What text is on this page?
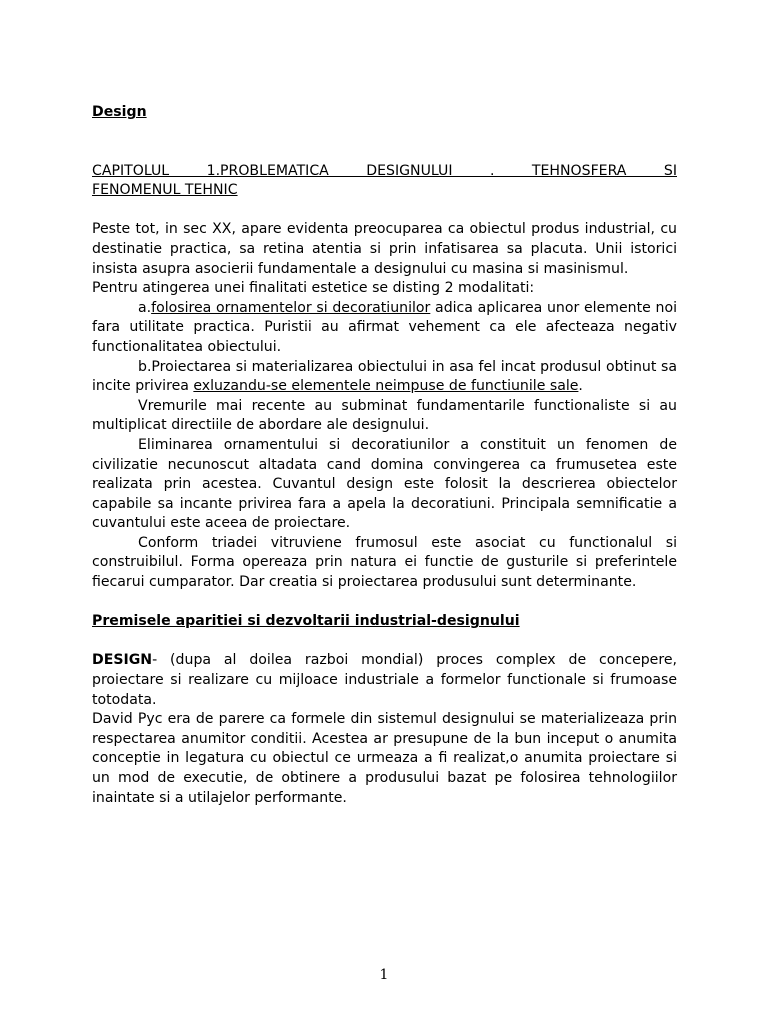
Design

CAPITOLUL 1.PROBLEMATICA DESIGNULUI . TEHNOSFERA SI

FENOMENUL TEHNIC

Peste tot, in sec XX, apare evidenta preocuparea ca obiectul produs industrial, cu destinatie practica, sa retina atentia si prin infatisarea sa placuta. Unii istorici insista asupra asocierii fundamentale a designului cu masina si masinismul.

Pentru atingerea unei finalitati estetice se disting 2 modalitati:

a.folosirea ornamentelor si decoratiunilor adica aplicarea unor elemente noi fara utilitate practica. Puristii au afirmat vehement ca ele afecteaza negativ functionalitatea obiectului.

b.Proiectarea si materializarea obiectului in asa fel incat produsul obtinut sa incite privirea exluzandu-se elementele neimpuse de functiunile sale.

Vremurile mai recente au subminat fundamentarile functionaliste si au multiplicat directiile de abordare ale designului.

Eliminarea ornamentului si decoratiunilor a constituit un fenomen de civilizatie necunoscut altadata cand domina convingerea ca frumusetea este realizata prin acestea. Cuvantul design este folosit la descrierea obiectelor capabile sa incante privirea fara a apela la decoratiuni. Principala semnificatie a cuvantului este aceea de proiectare.

Conform triadei vitruviene frumosul este asociat cu functionalul si construibilul. Forma opereaza prin natura ei functie de gusturile si preferintele fiecarui cumparator. Dar creatia si proiectarea produsului sunt determinante.

Premisele aparitiei si dezvoltarii industrial-designului

DESIGN- (dupa al doilea razboi mondial) proces complex de concepere, proiectare si realizare cu mijloace industriale a formelor functionale si frumoase totodata.

David Pyc era de parere ca formele din sistemul designului se materializeaza prin respectarea anumitor conditii. Acestea ar presupune de la bun inceput o anumita conceptie in legatura cu obiectul ce urmeaza a fi realizat,o anumita proiectare si un mod de executie, de obtinere a produsului bazat pe folosirea tehnologiilor inaintate si a utilajelor performante.

1
